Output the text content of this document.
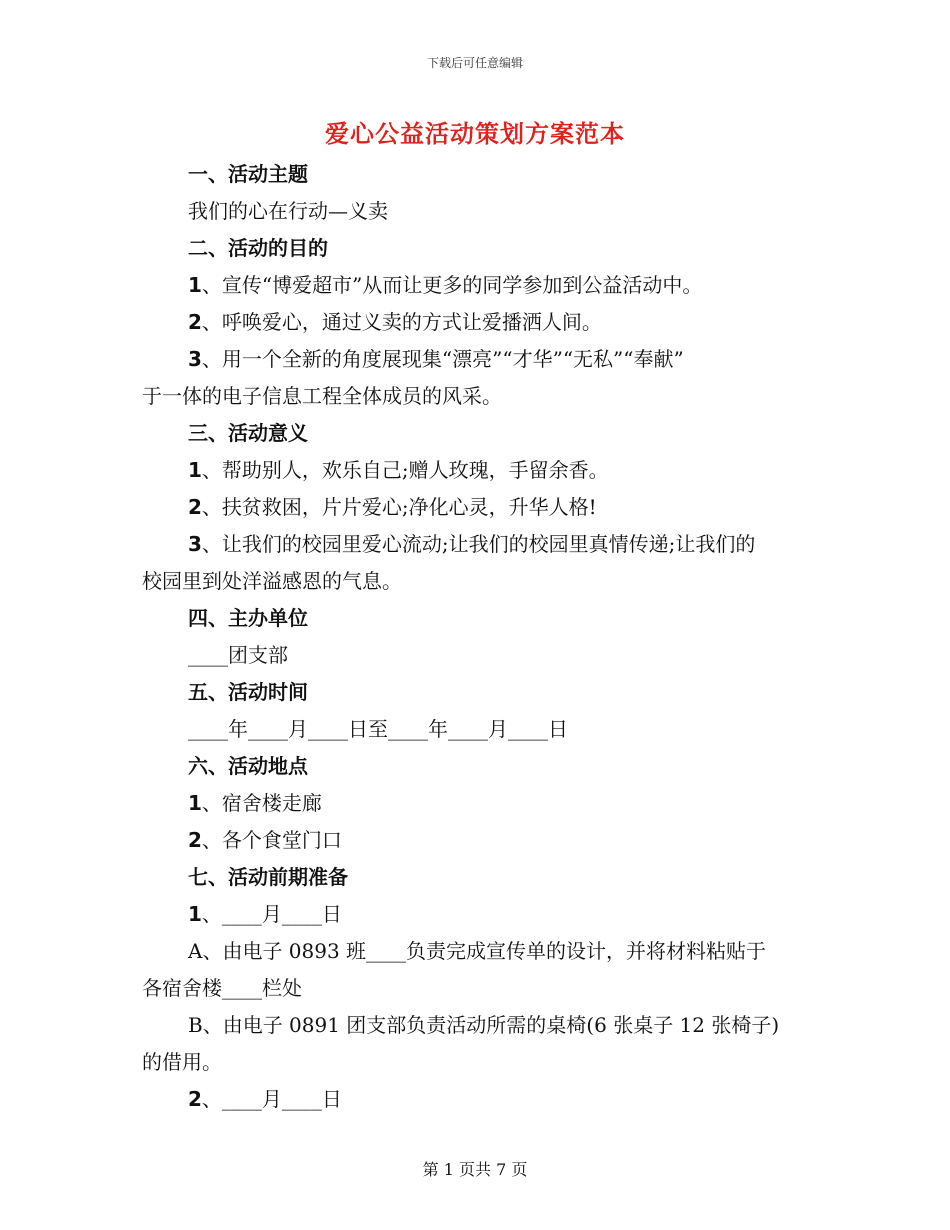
下载后可任意编辑
爱心公益活动策划方案范本
一、活动主题
我们的心在行动—义卖
二、活动的目的
1、宣传“博爱超市”从而让更多的同学参加到公益活动中。
2、呼唤爱心，通过义卖的方式让爱播洒人间。
3、用一个全新的角度展现集“漂亮”“才华”“无私”“奉献”
于一体的电子信息工程全体成员的风采。
三、活动意义
1、帮助别人，欢乐自己;赠人玫瑰，手留余香。
2、扶贫救困，片片爱心;净化心灵，升华人格!
3、让我们的校园里爱心流动;让我们的校园里真情传递;让我们的
校园里到处洋溢感恩的气息。
四、主办单位
____团支部
五、活动时间
____年____月____日至____年____月____日
六、活动地点
1、宿舍楼走廊
2、各个食堂门口
七、活动前期准备
1、____月____日
A、由电子 0893 班____负责完成宣传单的设计，并将材料粘贴于
各宿舍楼____栏处
B、由电子 0891 团支部负责活动所需的桌椅(6 张桌子 12 张椅子)
的借用。
2、____月____日
第 1 页共 7 页
